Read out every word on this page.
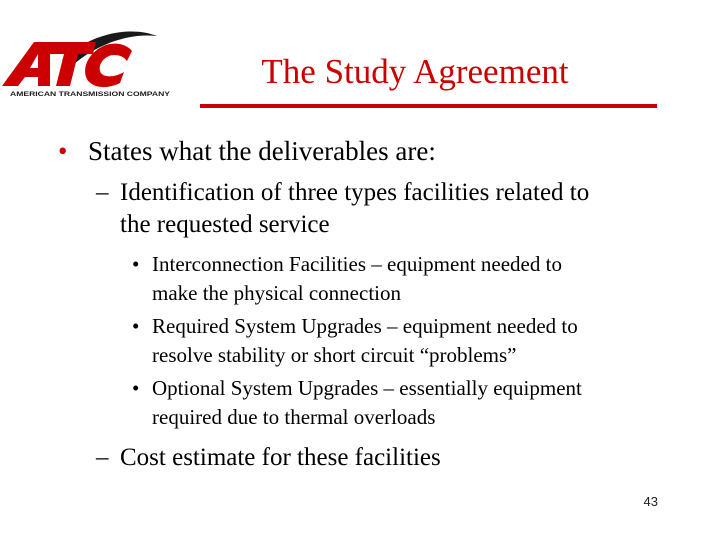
AMERICAN TRANSMISSION COMPANY
The Study Agreement
• States what the deliverables are:
– Identification of three types facilities related to
the requested service
• Interconnection Facilities – equipment needed to
make the physical connection
• Required System Upgrades – equipment needed to
resolve stability or short circuit “problems”
• Optional System Upgrades – essentially equipment
required due to thermal overloads
– Cost estimate for these facilities
43
